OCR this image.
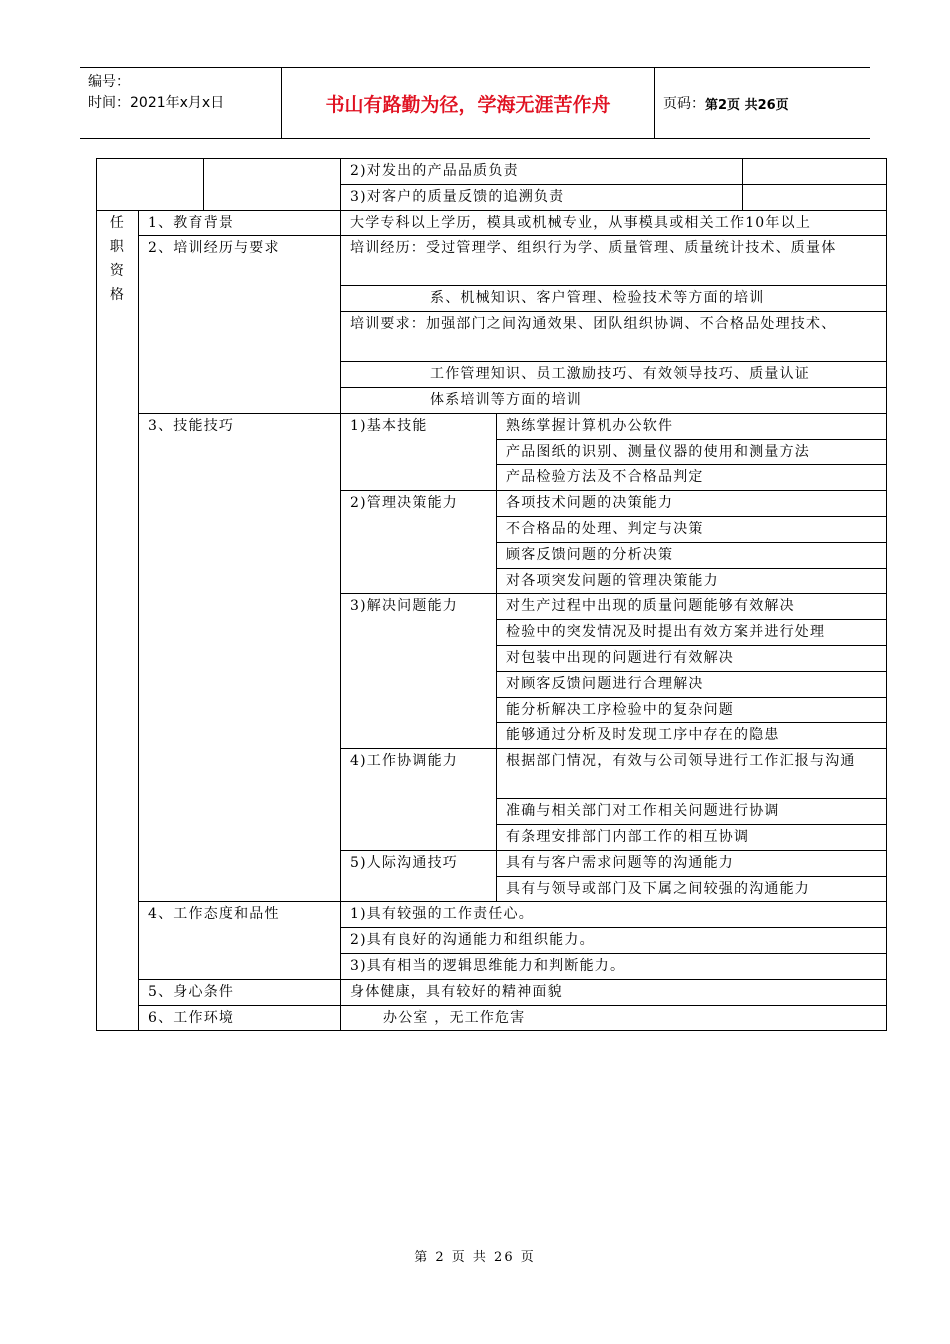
编号：
时间：2021年x月x日	书山有路勤为径，学海无涯苦作舟	页码： 第2页 共26页
			2)对发出的产品品质负责		
			3)对客户的质量反馈的追溯负责		

任
职
资
格	1、教育背景		大学专科以上学历，模具或机械专业，从事模具或相关工作10年以上		
	2、培训经历与要求		培训经历：受过管理学、组织行为学、质量管理、质量统计技术、质量体		
			系、机械知识、客户管理、检验技术等方面的培训		
			培训要求：加强部门之间沟通效果、团队组织协调、不合格品处理技术、		
			工作管理知识、员工激励技巧、有效领导技巧、质量认证		
			体系培训等方面的培训		
	3、技能技巧		1)基本技能	熟练掌握计算机办公软件	
				产品图纸的识别、测量仪器的使用和测量方法	
				产品检验方法及不合格品判定	
			2)管理决策能力	各项技术问题的决策能力	
				不合格品的处理、判定与决策	
				顾客反馈问题的分析决策	
				对各项突发问题的管理决策能力	
			3)解决问题能力	对生产过程中出现的质量问题能够有效解决	
				检验中的突发情况及时提出有效方案并进行处理	
				对包装中出现的问题进行有效解决	
				对顾客反馈问题进行合理解决	
				能分析解决工序检验中的复杂问题	
				能够通过分析及时发现工序中存在的隐患	
			4)工作协调能力	根据部门情况，有效与公司领导进行工作汇报与沟通	
				准确与相关部门对工作相关问题进行协调	
				有条理安排部门内部工作的相互协调	
			5)人际沟通技巧	具有与客户需求问题等的沟通能力	
				具有与领导或部门及下属之间较强的沟通能力	
	4、工作态度和品性		1)具有较强的工作责任心。		
			2)具有良好的沟通能力和组织能力。		
			3)具有相当的逻辑思维能力和判断能力。		
	5、身心条件		身体健康，具有较好的精神面貌		
	6、工作环境		办公室 ，无工作危害		
第 2 页 共 26 页
